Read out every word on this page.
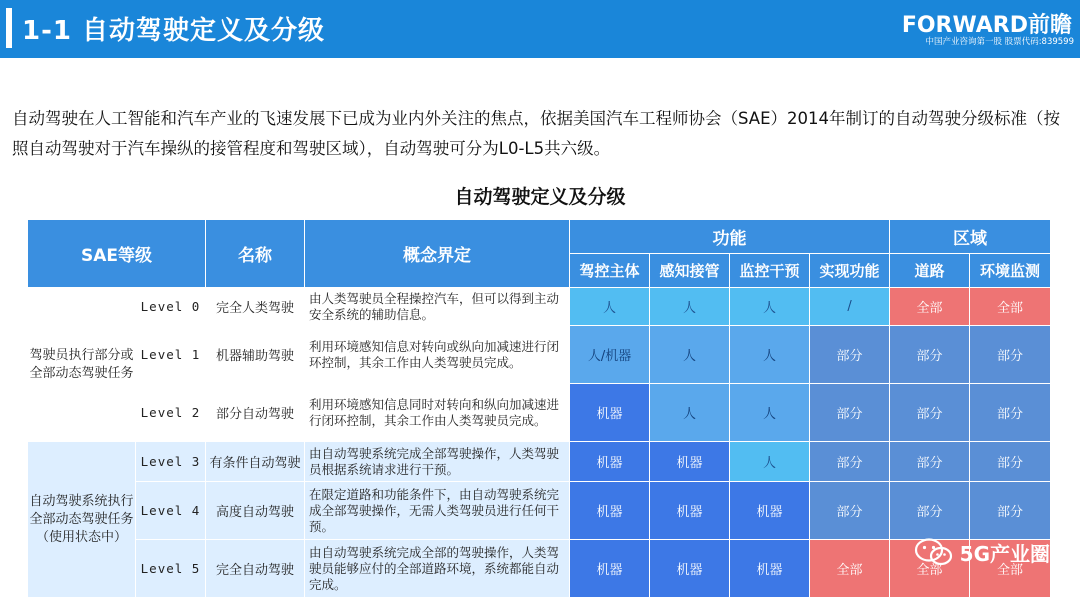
1-1 自动驾驶定义及分级	FORWARD前瞻
中国产业咨询第一股 股票代码:839599
自动驾驶在人工智能和汽车产业的飞速发展下已成为业内外关注的焦点，依据美国汽车工程师协会（SAE）2014年制订的自动驾驶分级标准（按照自动驾驶对于汽车操纵的接管程度和驾驶区域），自动驾驶可分为L0-L5共六级。
自动驾驶定义及分级
SAE等级		名称	概念界定	功能				区域	
				驾控主体	感知接管	监控干预	实现功能	道路	环境监测
驾驶员执行部分或全部动态驾驶任务	Level 0	完全人类驾驶	由人类驾驶员全程操控汽车，但可以得到主动安全系统的辅助信息。	人	人	人	/	全部	全部
	Level 1	机器辅助驾驶	利用环境感知信息对转向或纵向加减速进行闭环控制，其余工作由人类驾驶员完成。	人/机器	人	人	部分	部分	部分
	Level 2	部分自动驾驶	利用环境感知信息同时对转向和纵向加减速进行闭环控制，其余工作由人类驾驶员完成。	机器	人	人	部分	部分	部分
自动驾驶系统执行全部动态驾驶任务（使用状态中）	Level 3	有条件自动驾驶	由自动驾驶系统完成全部驾驶操作，人类驾驶员根据系统请求进行干预。	机器	机器	人	部分	部分	部分
	Level 4	高度自动驾驶	在限定道路和功能条件下，由自动驾驶系统完成全部驾驶操作，无需人类驾驶员进行任何干预。	机器	机器	机器	部分	部分	部分
	Level 5	完全自动驾驶	由自动驾驶系统完成全部的驾驶操作，人类驾驶员能够应付的全部道路环境，系统都能自动完成。	机器	机器	机器	全部	全部	全部
5G产业圈
